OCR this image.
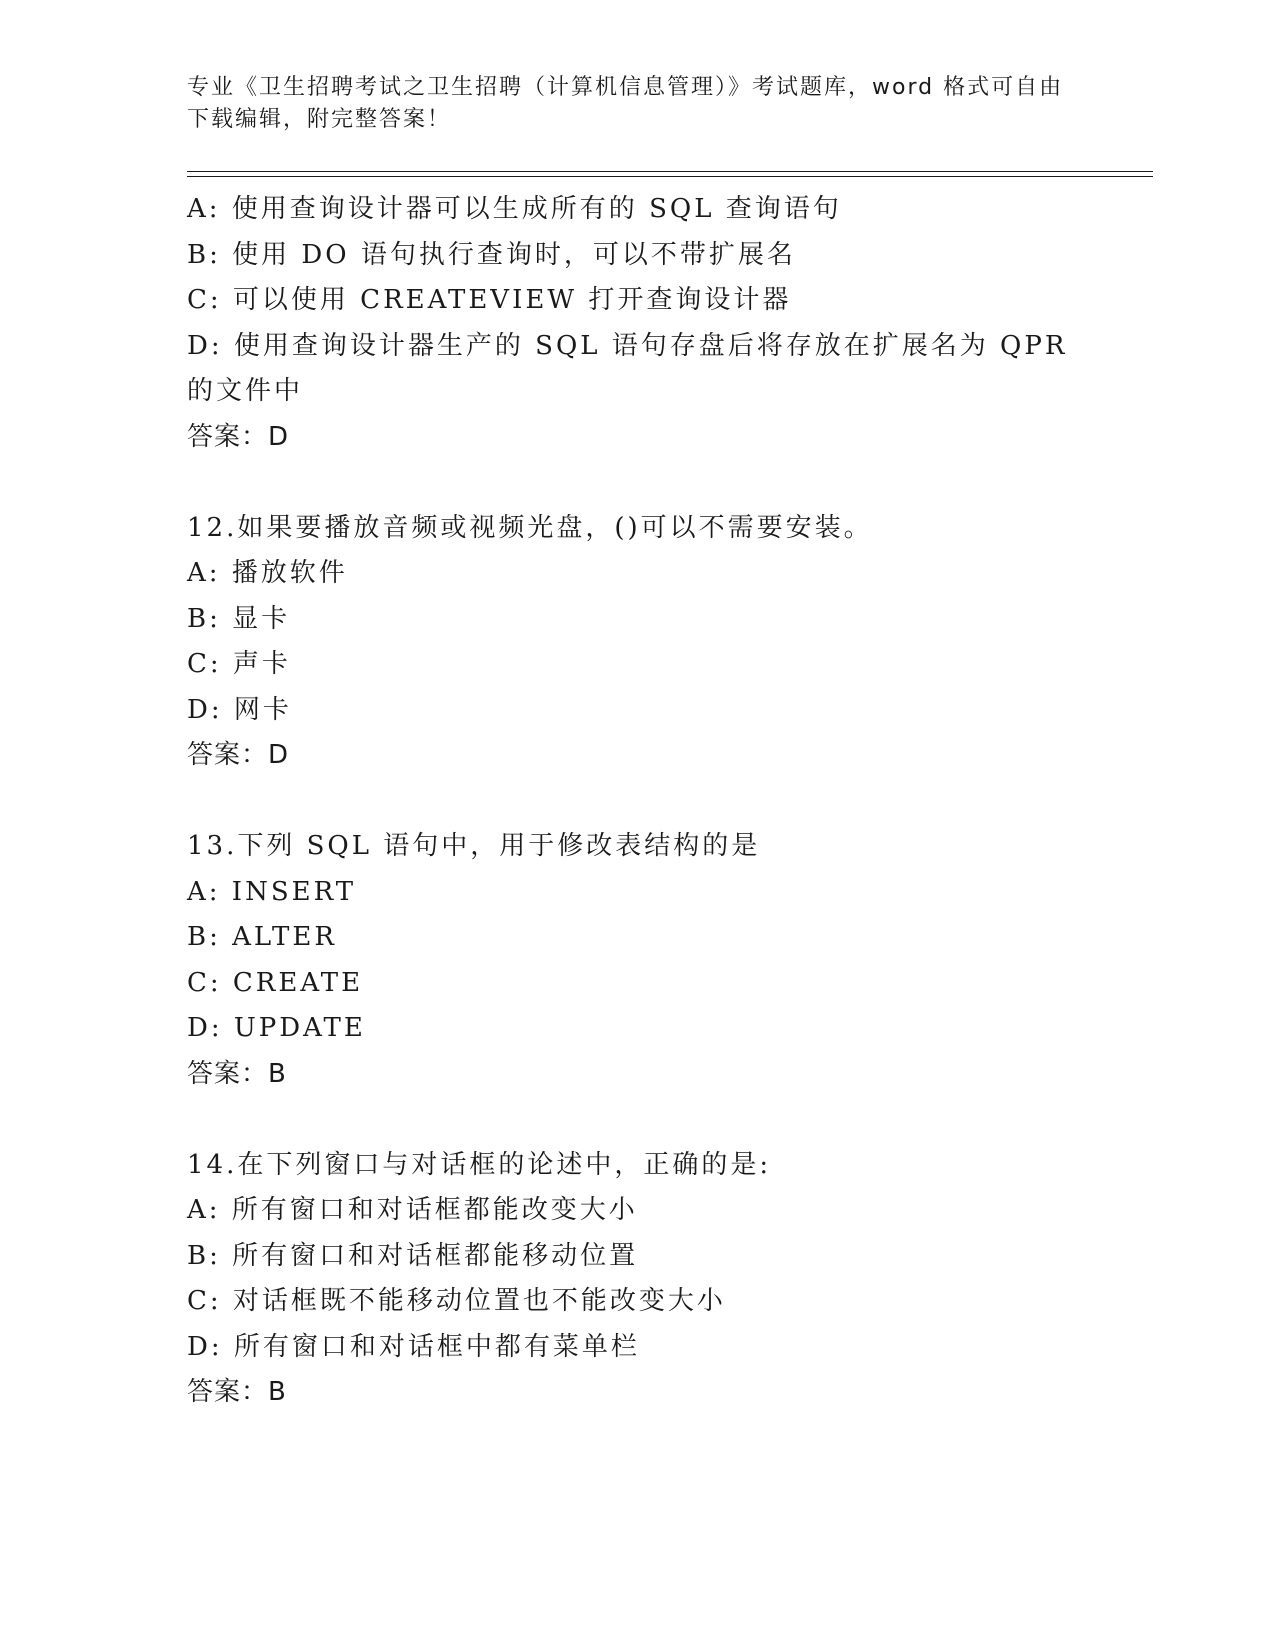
专业《卫生招聘考试之卫生招聘（计算机信息管理）》考试题库，word 格式可自由下载编辑，附完整答案！
A: 使用查询设计器可以生成所有的 SQL 查询语句
B: 使用 DO 语句执行查询时，可以不带扩展名
C: 可以使用 CREATEVIEW 打开查询设计器
D: 使用查询设计器生产的 SQL 语句存盘后将存放在扩展名为 QPR 的文件中
答案：D
12.如果要播放音频或视频光盘，()可以不需要安装。
A: 播放软件
B: 显卡
C: 声卡
D: 网卡
答案：D
13.下列 SQL 语句中，用于修改表结构的是
A: INSERT
B: ALTER
C: CREATE
D: UPDATE
答案：B
14.在下列窗口与对话框的论述中，正确的是:
A: 所有窗口和对话框都能改变大小
B: 所有窗口和对话框都能移动位置
C: 对话框既不能移动位置也不能改变大小
D: 所有窗口和对话框中都有菜单栏
答案：B
